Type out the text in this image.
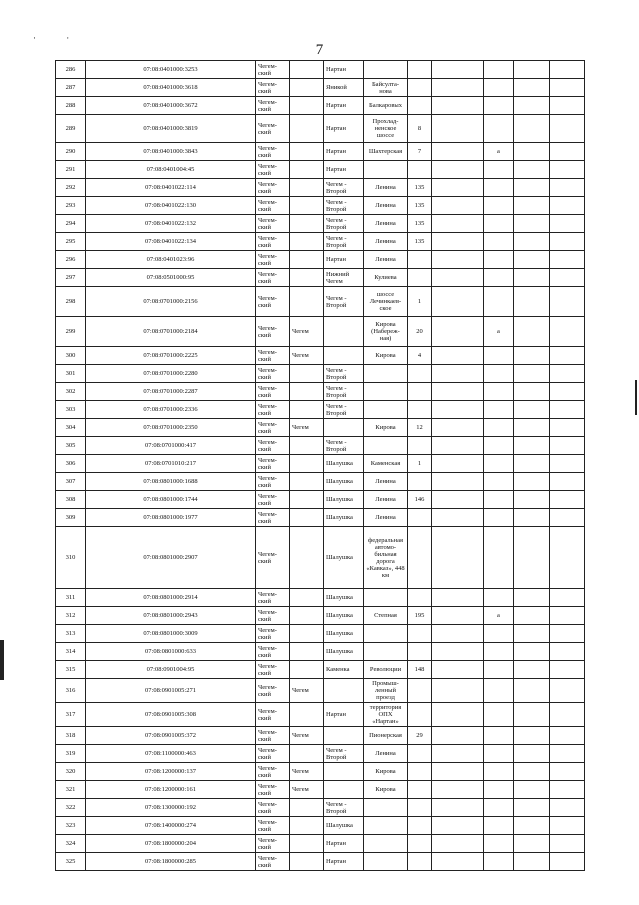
· ·
7
286	07:08:0401000:3253	Чегем-ский		Нартан						
287	07:08:0401000:3618	Чегем-ский		Яникой	Байсулта-нова					
288	07:08:0401000:3672	Чегем-ский		Нартан	Балкаровых					
289	07:08:0401000:3819	Чегем-ский		Нартан	Прохлад-ненское шоссе	8				
290	07:08:0401000:3843	Чегем-ский		Нартан	Шахтерская	7		а		
291	07:08:0401004:45	Чегем-ский		Нартан						
292	07:08:0401022:114	Чегем-ский		Чегем - Второй	Ленина	135				
293	07:08:0401022:130	Чегем-ский		Чегем - Второй	Ленина	135				
294	07:08:0401022:132	Чегем-ский		Чегем - Второй	Ленина	135				
295	07:08:0401022:134	Чегем-ский		Чегем - Второй	Ленина	135				
296	07:08:0401023:96	Чегем-ский		Нартан	Ленина					
297	07:08:0501000:95	Чегем-ский		Нижний Чегем	Кулиева					
298	07:08:0701000:2156	Чегем-ский		Чегем - Второй	шоссе Лечинкаев-ское	1				
299	07:08:0701000:2184	Чегем-ский	Чегем		Кирова (Набереж-ная)	20		а		
300	07:08:0701000:2225	Чегем-ский	Чегем		Кирова	4				
301	07:08:0701000:2280	Чегем-ский		Чегем - Второй						
302	07:08:0701000:2287	Чегем-ский		Чегем - Второй						
303	07:08:0701000:2336	Чегем-ский		Чегем - Второй						
304	07:08:0701000:2350	Чегем-ский	Чегем		Кирова	12				
305	07:08:0701000:417	Чегем-ский		Чегем - Второй						
306	07:08:0701010:217	Чегем-ский		Шалушка	Каменская	1				
307	07:08:0801000:1688	Чегем-ский		Шалушка	Ленина					
308	07:08:0801000:1744	Чегем-ский		Шалушка	Ленина	146				
309	07:08:0801000:1977	Чегем-ский		Шалушка	Ленина					
310	07:08:0801000:2907	Чегем-ский		Шалушка	федеральная автомо-бильная дорога «Кавказ», 448 км					
311	07:08:0801000:2914	Чегем-ский		Шалушка						
312	07:08:0801000:2943	Чегем-ский		Шалушка	Степная	195		а		
313	07:08:0801000:3009	Чегем-ский		Шалушка						
314	07:08:0801000:633	Чегем-ский		Шалушка						
315	07:08:0901004:95	Чегем-ский		Каменка	Революции	148				
316	07:08:0901005:271	Чегем-ский	Чегем		Промыш-ленный проезд					
317	07:08:0901005:308	Чегем-ский		Нартан	территория ОПХ «Нартан»					
318	07:08:0901005:372	Чегем-ский	Чегем		Пионерская	29				
319	07:08:1100000:463	Чегем-ский		Чегем - Второй	Ленина					
320	07:08:1200000:137	Чегем-ский	Чегем		Кирова					
321	07:08:1200000:161	Чегем-ский	Чегем		Кирова					
322	07:08:1300000:192	Чегем-ский		Чегем - Второй						
323	07:08:1400000:274	Чегем-ский		Шалушка						
324	07:08:1800000:204	Чегем-ский		Нартан						
325	07:08:1800000:285	Чегем-ский		Нартан						
